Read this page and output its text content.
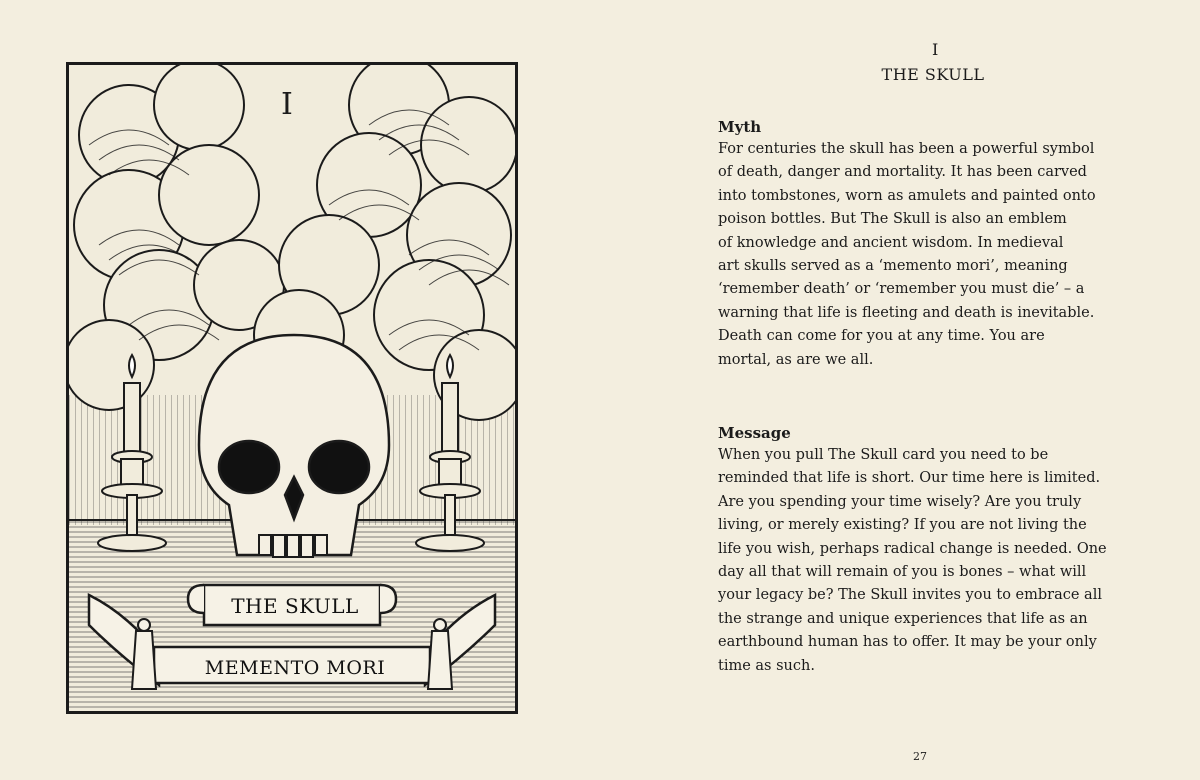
I
THE SKULL
MEMENTO MORI
I
THE SKULL
Myth

For centuries the skull has been a powerful symbol
of death, danger and mortality. It has been carved
into tombstones, worn as amulets and painted onto
poison bottles. But The Skull is also an emblem
of knowledge and ancient wisdom. In medieval
art skulls served as a ‘memento mori’, meaning
‘remember death’ or ‘remember you must die’ – a
warning that life is fleeting and death is inevitable.
Death can come for you at any time. You are
mortal, as are we all.

Message

When you pull The Skull card you need to be
reminded that life is short. Our time here is limited.
Are you spending your time wisely? Are you truly
living, or merely existing? If you are not living the
life you wish, perhaps radical change is needed. One
day all that will remain of you is bones – what will
your legacy be? The Skull invites you to embrace all
the strange and unique experiences that life as an
earthbound human has to offer. It may be your only
time as such.

27
